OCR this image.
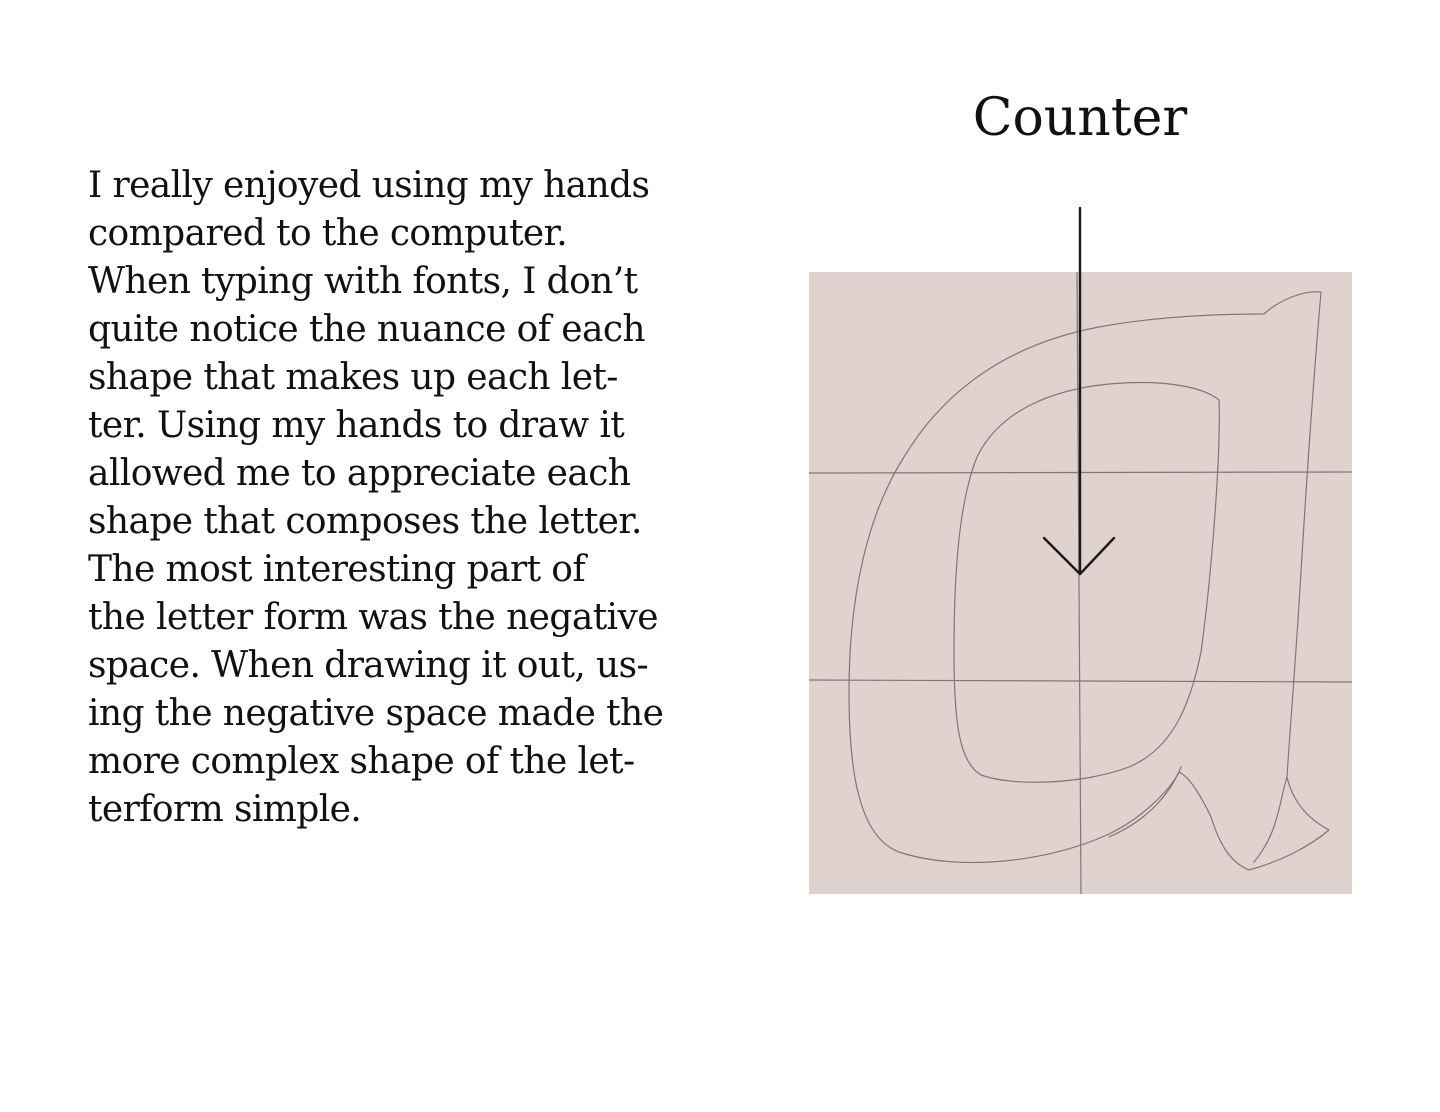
I really enjoyed using my hands
compared to the computer.
When typing with fonts, I don’t
quite notice the nuance of each
shape that makes up each let-
ter. Using my hands to draw it
allowed me to appreciate each
shape that composes the letter.
The most interesting part of
the letter form was the negative
space. When drawing it out, us-
ing the negative space made the
more complex shape of the let-
terform simple.
Counter
